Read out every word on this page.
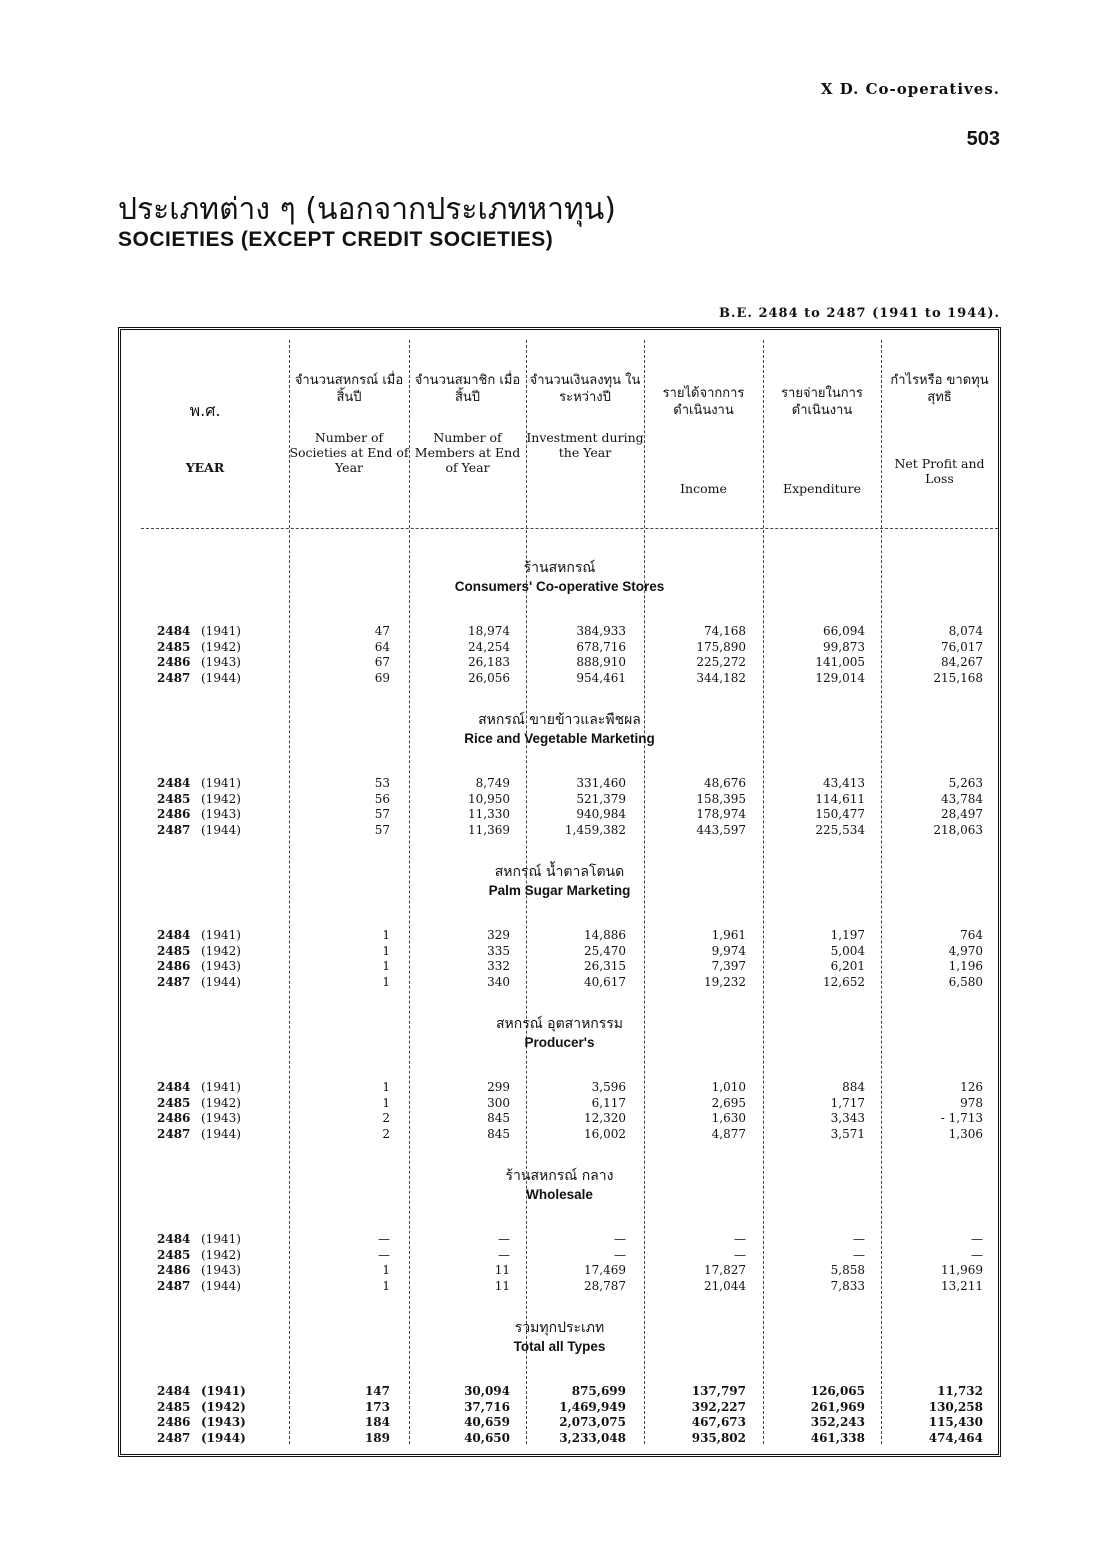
X D. Co-operatives.
503
ประเภทต่าง ๆ (นอกจากประเภทหาทุน)
SOCIETIES (EXCEPT CREDIT SOCIETIES)
B.E. 2484 to 2487 (1941 to 1944).
พ.ศ.
YEAR
จำนวนสหกรณ์ เมื่อสิ้นปี
Number of Societies at End of Year
จำนวนสมาชิก เมื่อสิ้นปี
Number of Members at End of Year
จำนวนเงินลงทุน ในระหว่างปี
Investment during the Year
รายได้จากการ ดำเนินงาน
Income
รายจ่ายในการ ดำเนินงาน
Expenditure
กำไรหรือ ขาดทุนสุทธิ
Net Profit and Loss
ร้านสหกรณ์
Consumers' Co-operative Stores
2484 (1941)	47	18,974	384,933	74,168	66,094	8,074
2485 (1942)	64	24,254	678,716	175,890	99,873	76,017
2486 (1943)	67	26,183	888,910	225,272	141,005	84,267
2487 (1944)	69	26,056	954,461	344,182	129,014	215,168
สหกรณ์ ขายข้าวและพืชผล
Rice and Vegetable Marketing
2484 (1941)	53	8,749	331,460	48,676	43,413	5,263
2485 (1942)	56	10,950	521,379	158,395	114,611	43,784
2486 (1943)	57	11,330	940,984	178,974	150,477	28,497
2487 (1944)	57	11,369	1,459,382	443,597	225,534	218,063
สหกรณ์ น้ำตาลโตนด
Palm Sugar Marketing
2484 (1941)	1	329	14,886	1,961	1,197	764
2485 (1942)	1	335	25,470	9,974	5,004	4,970
2486 (1943)	1	332	26,315	7,397	6,201	1,196
2487 (1944)	1	340	40,617	19,232	12,652	6,580
สหกรณ์ อุตสาหกรรม
Producer's
2484 (1941)	1	299	3,596	1,010	884	126
2485 (1942)	1	300	6,117	2,695	1,717	978
2486 (1943)	2	845	12,320	1,630	3,343	- 1,713
2487 (1944)	2	845	16,002	4,877	3,571	1,306
ร้านสหกรณ์ กลาง
Wholesale
2484 (1941)	—	—	—	—	—	—
2485 (1942)	—	—	—	—	—	—
2486 (1943)	1	11	17,469	17,827	5,858	11,969
2487 (1944)	1	11	28,787	21,044	7,833	13,211
รวมทุกประเภท
Total all Types
2484 (1941)	147	30,094	875,699	137,797	126,065	11,732
2485 (1942)	173	37,716	1,469,949	392,227	261,969	130,258
2486 (1943)	184	40,659	2,073,075	467,673	352,243	115,430
2487 (1944)	189	40,650	3,233,048	935,802	461,338	474,464
